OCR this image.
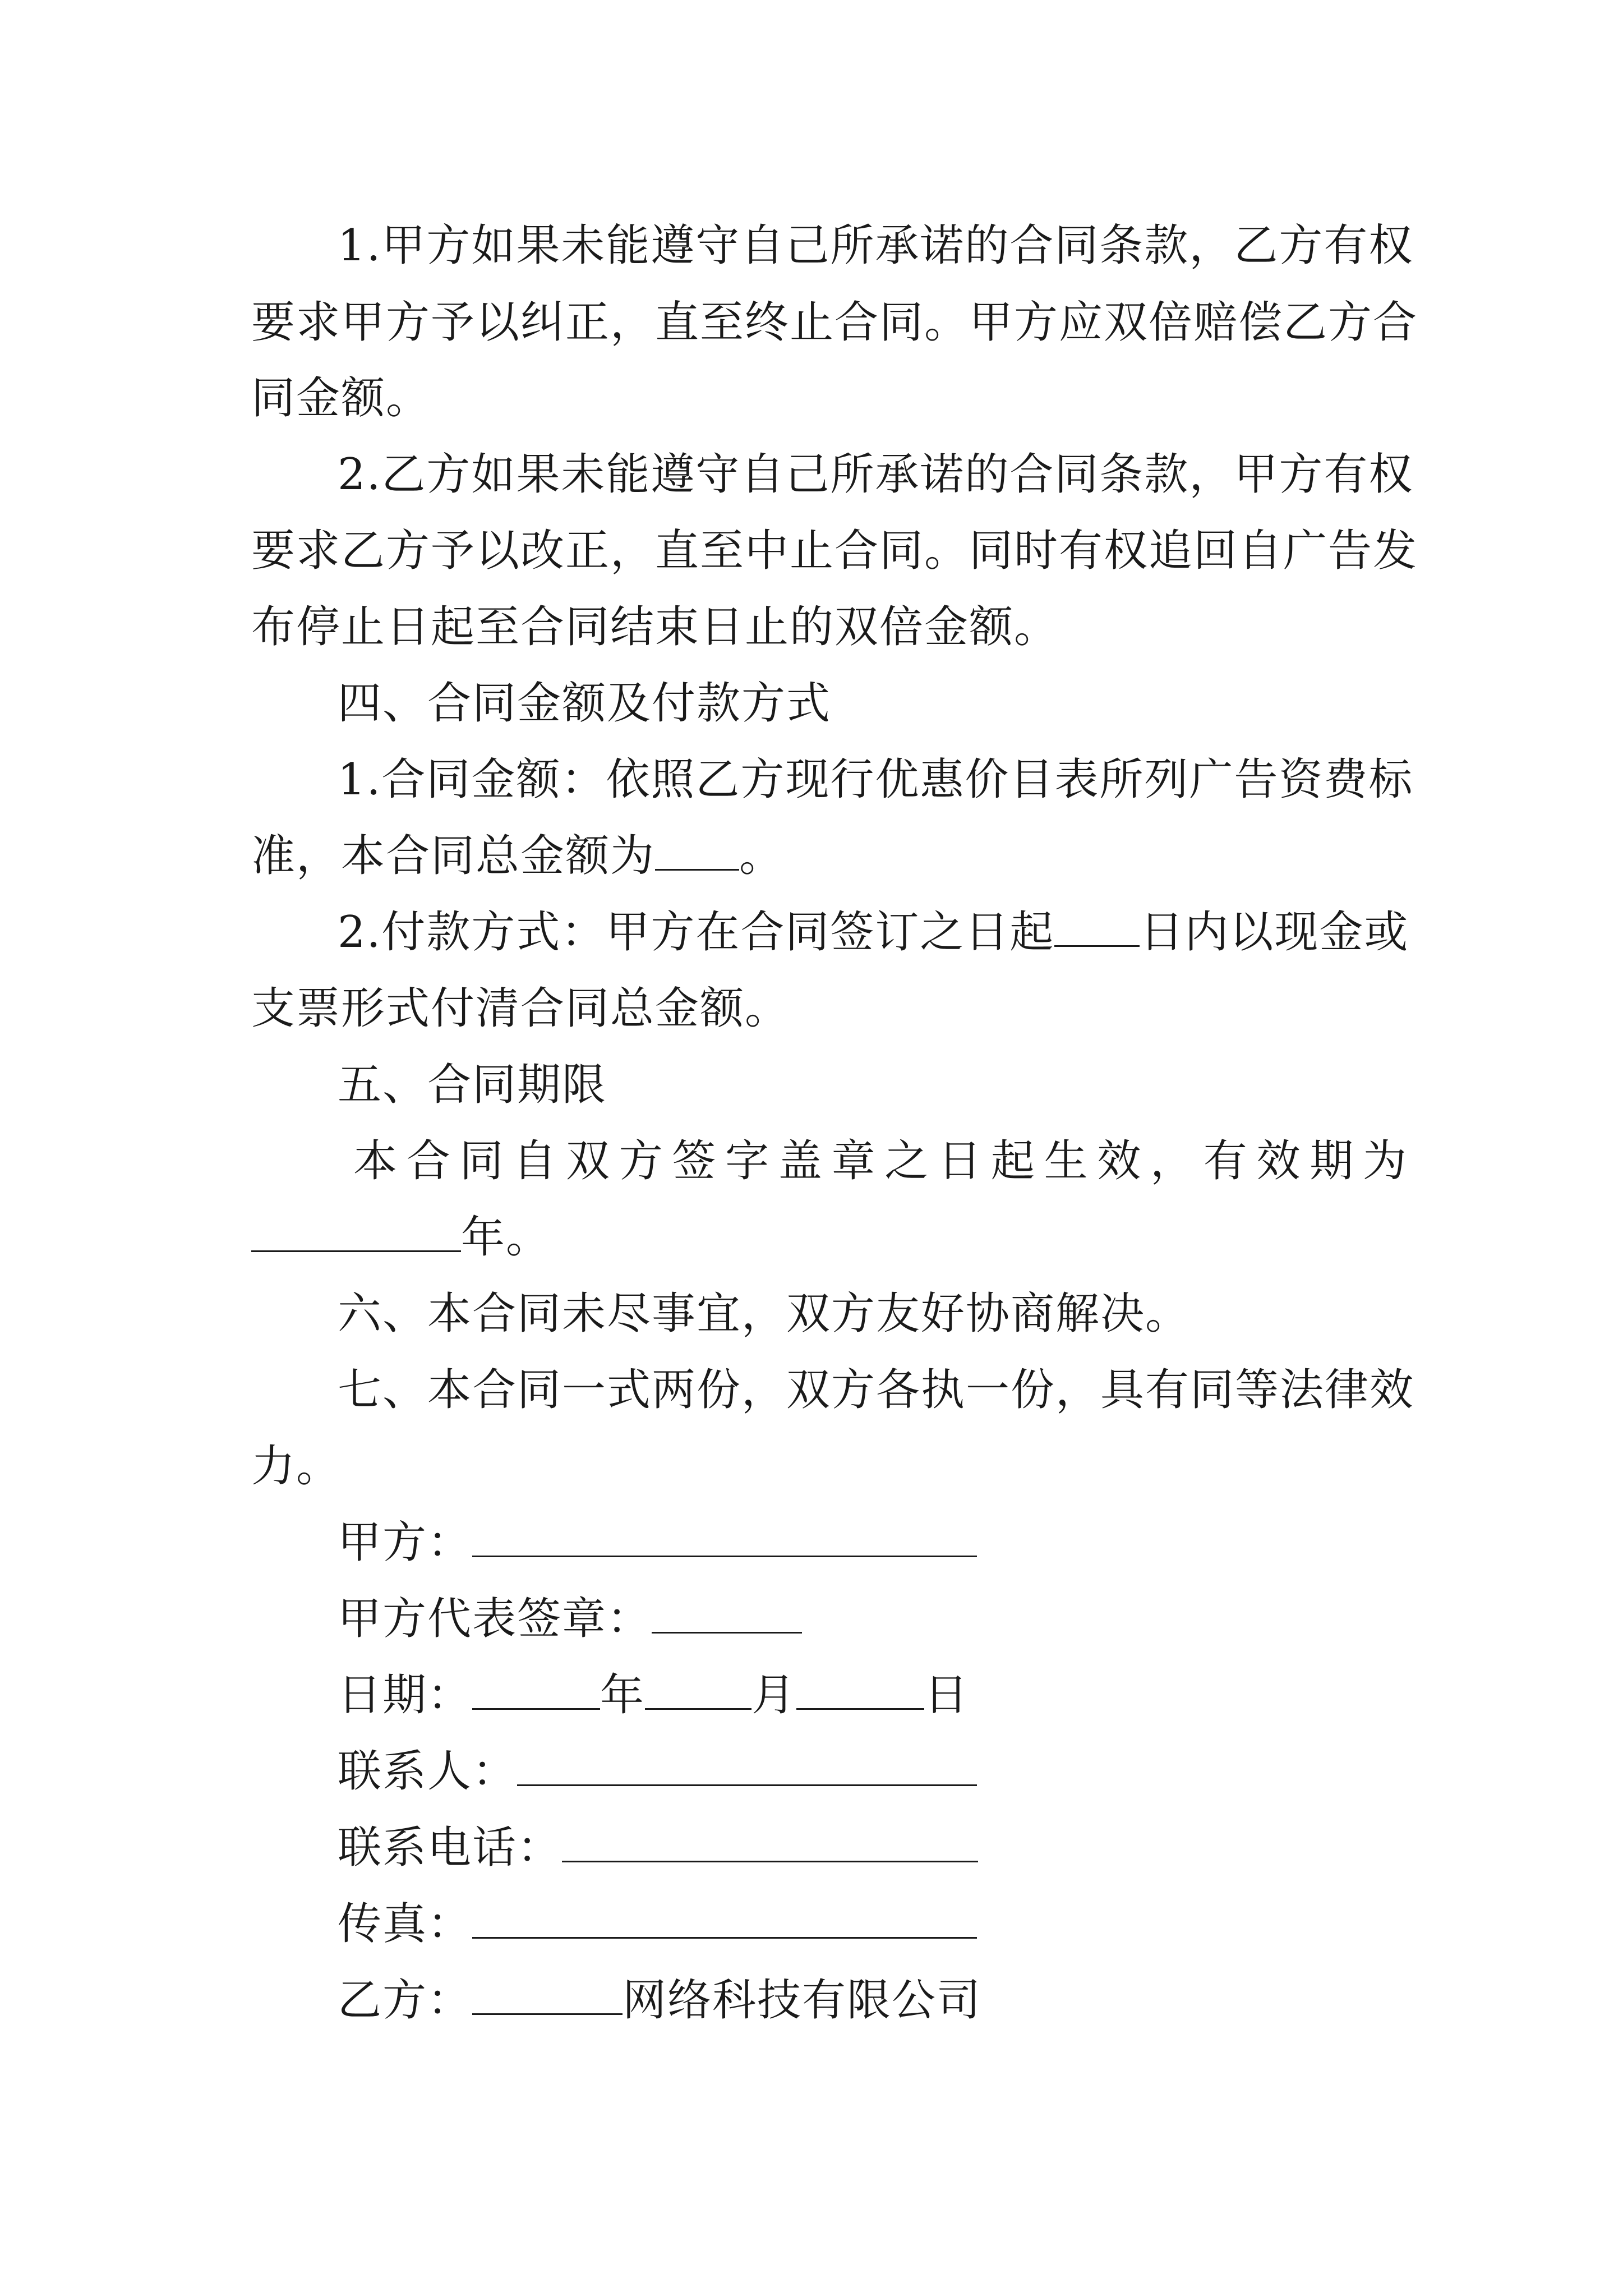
1.甲方如果未能遵守自己所承诺的合同条款，乙方有权
要求甲方予以纠正，直至终止合同。甲方应双倍赔偿乙方合
同金额。
2.乙方如果未能遵守自己所承诺的合同条款，甲方有权
要求乙方予以改正，直至中止合同。同时有权追回自广告发
布停止日起至合同结束日止的双倍金额。
四、合同金额及付款方式
1.合同金额：依照乙方现行优惠价目表所列广告资费标
准，本合同总金额为 。
2.付款方式：甲方在合同签订之日起 日内以现金或
支票形式付清合同总金额。
五、合同期限
本 合 同 自 双 方 签 字 盖 章 之 日 起 生 效 ， 有 效 期 为
年。
六、本合同未尽事宜，双方友好协商解决。
七、本合同一式两份，双方各执一份，具有同等法律效
力。
甲方：
甲方代表签章：
日期：	年 月	日
联系人：
联系电话：
传真：
乙方：	网络科技有限公司
